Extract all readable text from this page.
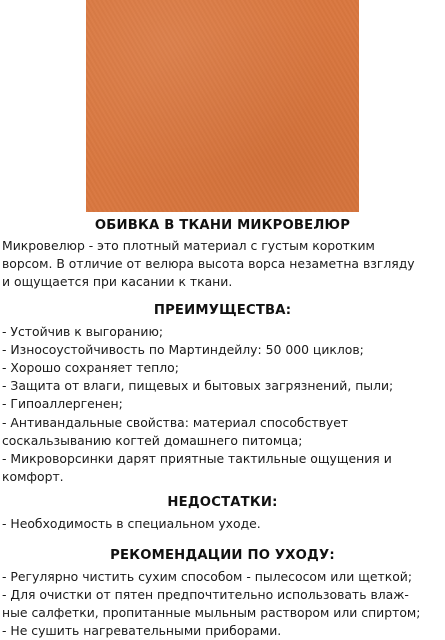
ОБИВКА В ТКАНИ МИКРОВЕЛЮР
Микровелюр - это плотный материал с густым коротким
ворсом. В отличие от велюра высота ворса незаметна взгляду
и ощущается при касании к ткани.
ПРЕИМУЩЕСТВА:
- Устойчив к выгоранию;
- Износоустойчивость по Мартиндейлу: 50 000 циклов;
- Хорошо сохраняет тепло;
- Защита от влаги, пищевых и бытовых загрязнений, пыли;
- Гипоаллергенен;
- Антивандальные свойства: материал способствует
соскальзыванию когтей домашнего питомца;
- Микроворсинки дарят приятные тактильные ощущения и
комфорт.
НЕДОСТАТКИ:
- Необходимость в специальном уходе.
РЕКОМЕНДАЦИИ ПО УХОДУ:
- Регулярно чистить сухим способом - пылесосом или щеткой;
- Для очистки от пятен предпочтительно использовать влаж-
ные салфетки, пропитанные мыльным раствором или спиртом;
- Не сушить нагревательными приборами.
